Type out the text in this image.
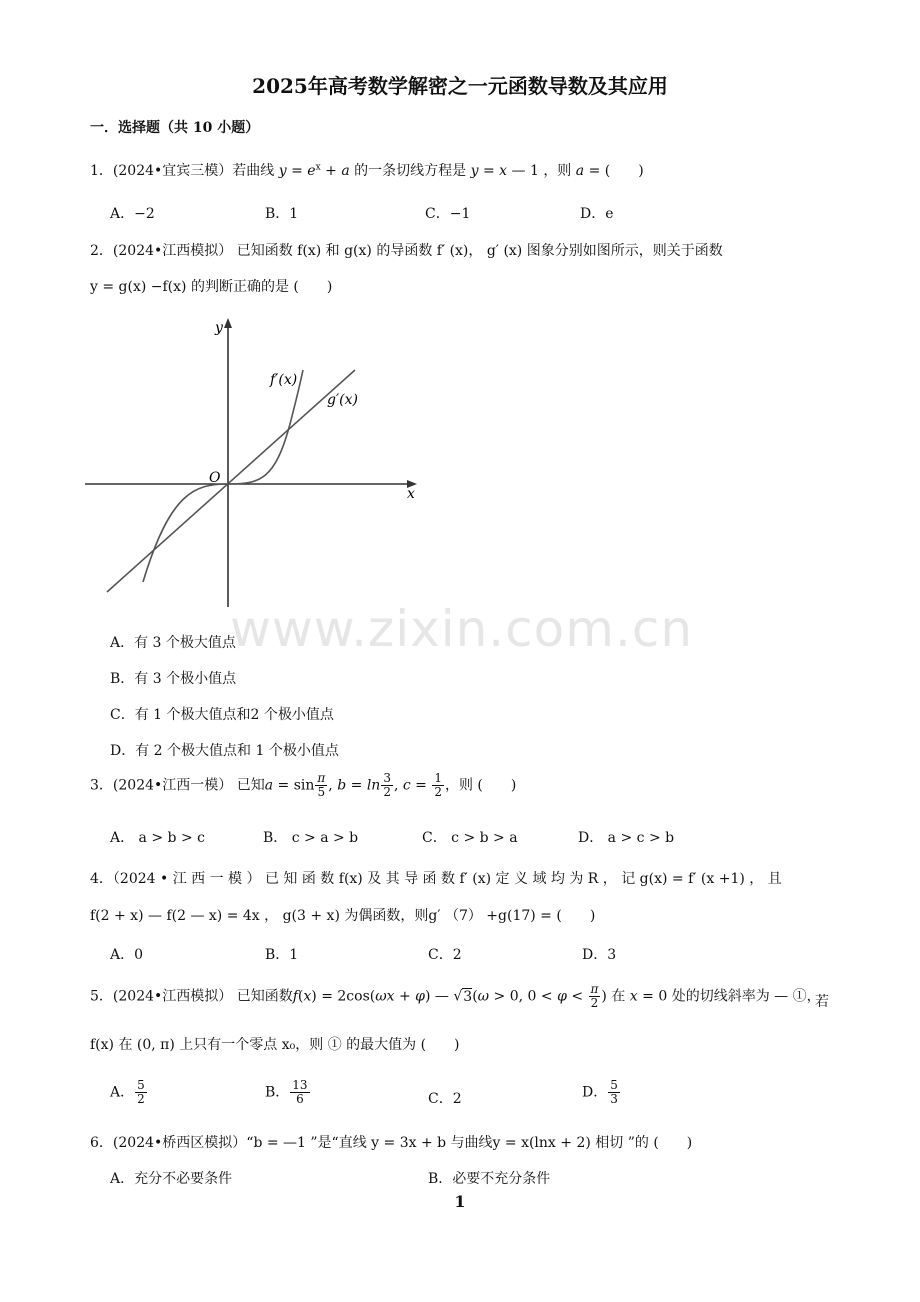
2025年高考数学解密之一元函数导数及其应用
一．选择题（共 10 小题）
www.zixin.com.cn
1．(2024•宜宾三模）若曲线 $y = e^x + a$ 的一条切线方程是 y = x — 1 ，则 a = (　　)
A．−2	B．1	C．−1	D．e
2．(2024•江西模拟） 已知函数 f(x) 和 g(x) 的导函数 f′ (x)， g′ (x) 图象分别如图所示，则关于函数
y = g(x) −f(x) 的判断正确的是 (　　)
y
x
O
f′(x)
g′(x)
A．有 3 个极大值点
B．有 3 个极小值点
C．有 1 个极大值点和2 个极小值点
D．有 2 个极大值点和 1 个极小值点
3．(2024•江西一模） 已知$a = \sin \frac{\pi}{5}$ , $b = \ln \frac{3}{2}$ , $c = \frac{1}{2}$ ，则 (　　)
A． a > b > c	B． c > a > b	C． c > b > a	D． a > c > b
4．（2024 • 江 西 一 模 ） 已 知 函 数 f(x) 及 其 导 函 数 f′ (x) 定 义 域 均 为 R ， 记 g(x) = f′ (x +1) ， 且
f(2 + x) — f(2 — x) = 4x ， g(3 + x) 为偶函数，则g′ （7） +g(17) = (　　)
A．0	B．1	C．2	D．3
5．(2024•江西模拟） 已知函数f(x) = 2cos(ωx + φ) — √3(ω > 0, $0 < \varphi < \frac{\pi}{2}$ ) 在 x = 0 处的切线斜率为 — ①，
若
f(x) 在 (0, π) 上只有一个零点 x₀，则 ① 的最大值为 (　　)
A． $\frac{5}{2}$	B． $\frac{13}{6}$	C．2	D． $\frac{5}{3}$
6．(2024•桥西区模拟）“b = —1 ”是“直线 y = 3x + b 与曲线y = x(lnx + 2) 相切 ”的 (　　)
A．充分不必要条件	B．必要不充分条件
1
